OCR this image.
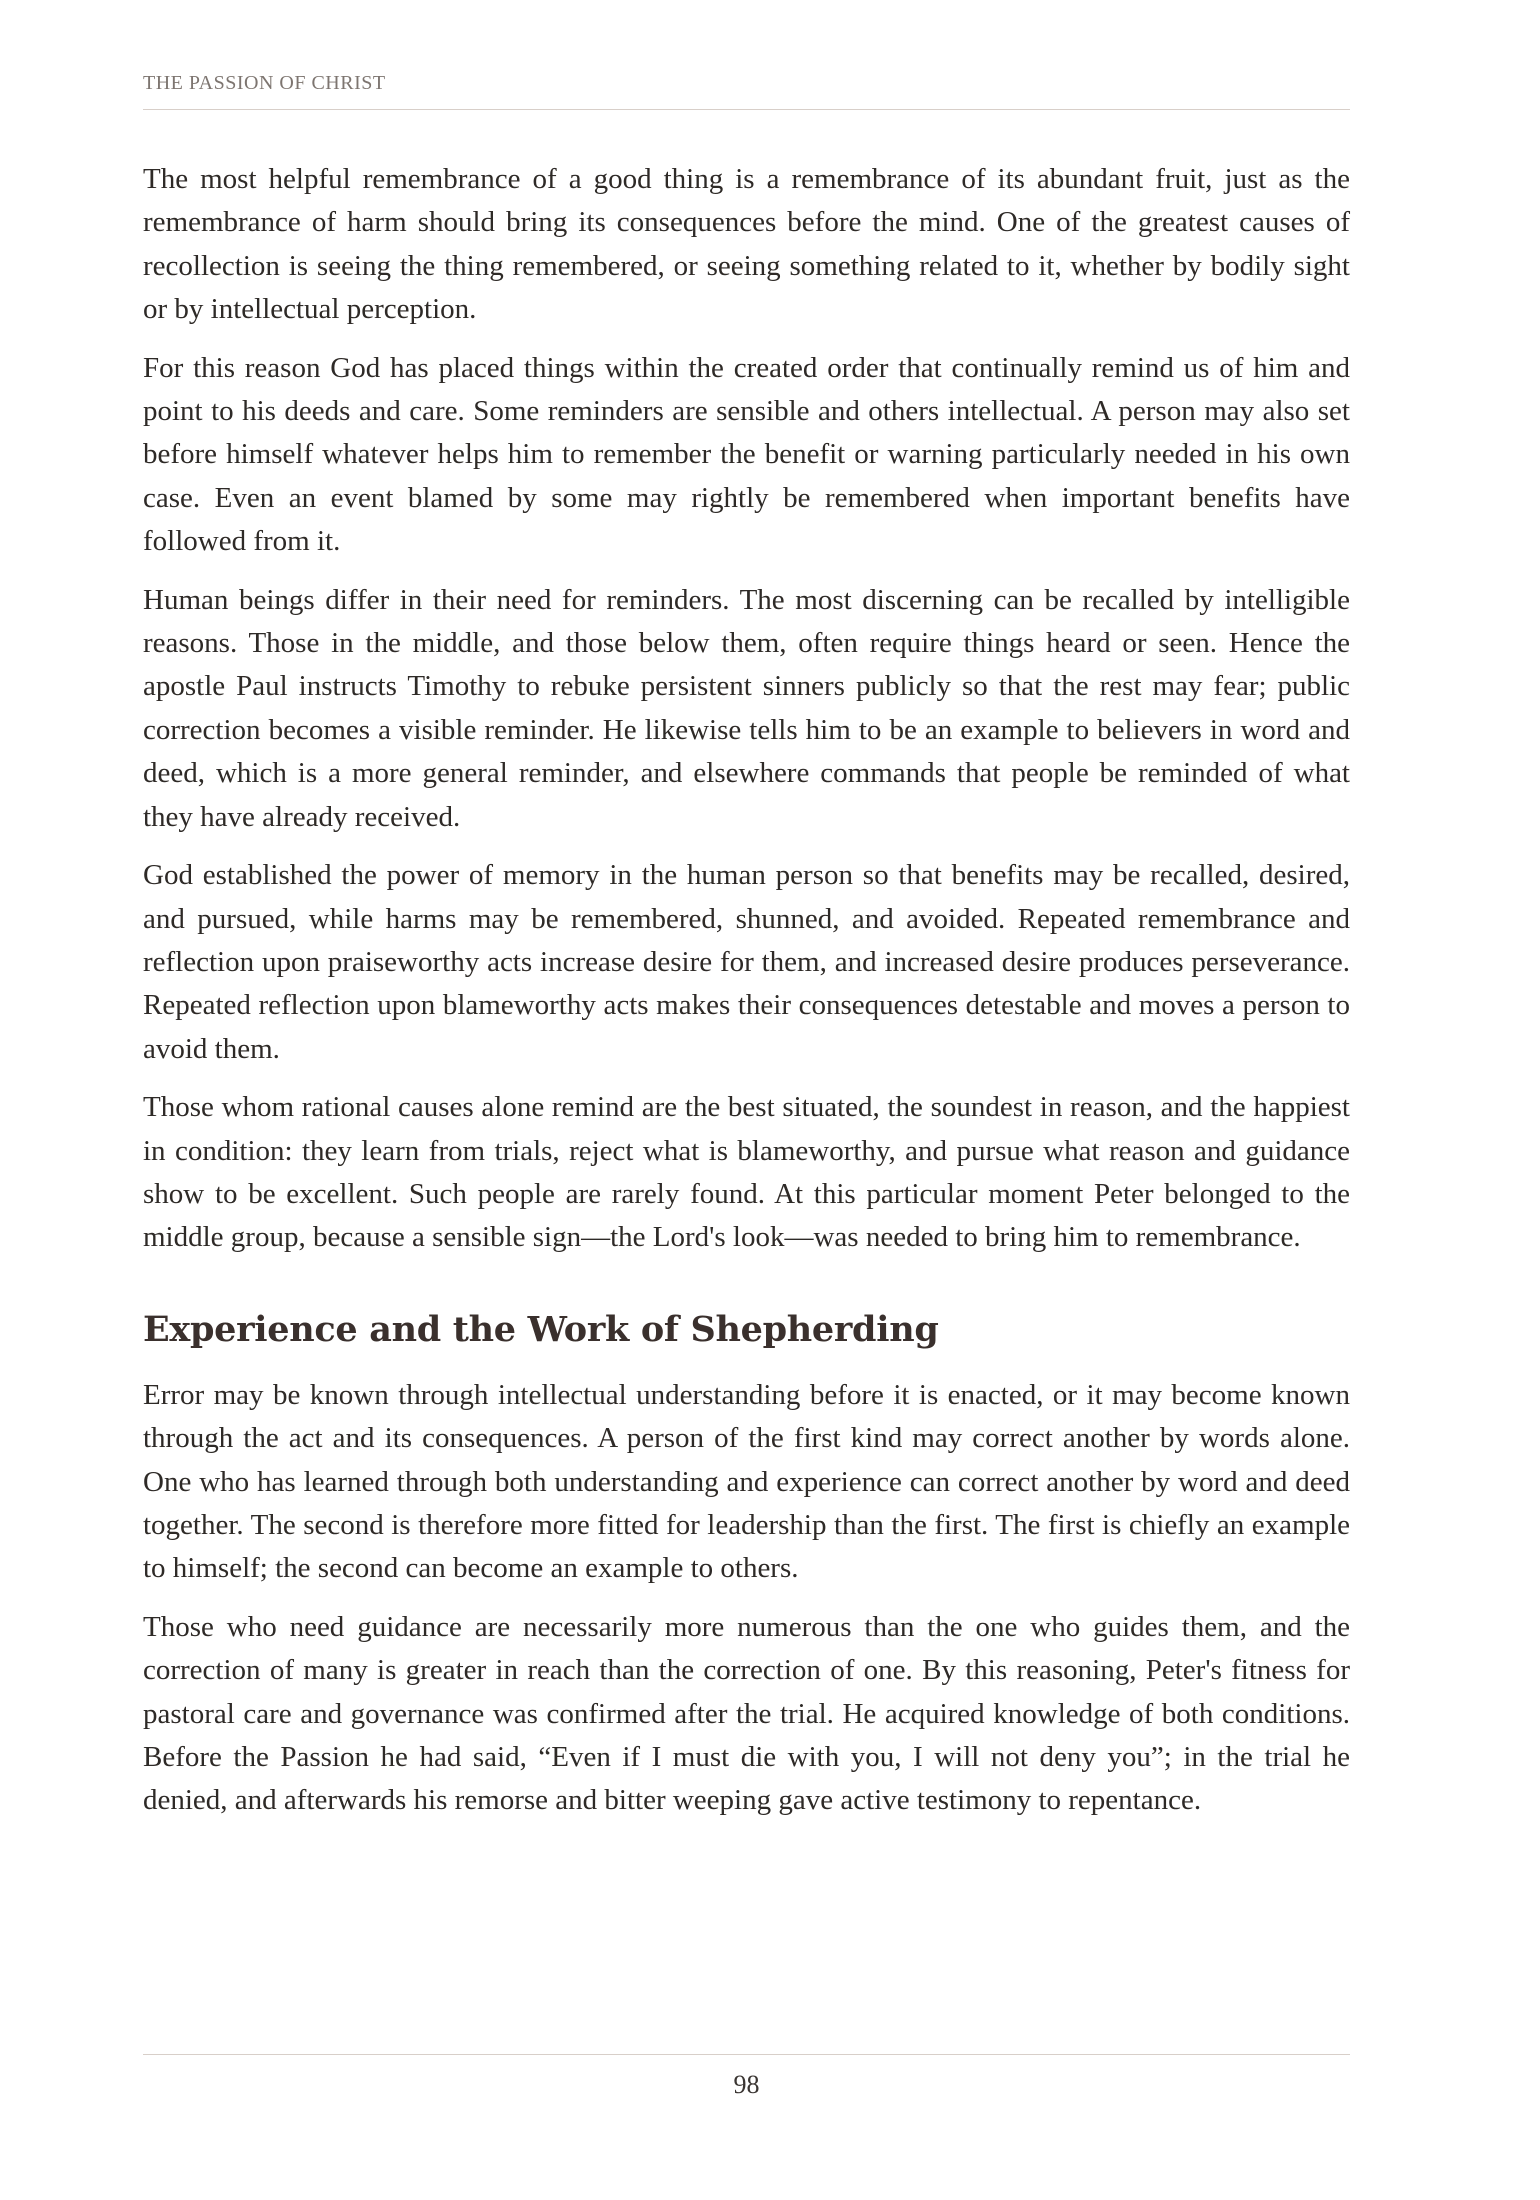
THE PASSION OF CHRIST

The most helpful remembrance of a good thing is a remembrance of its abundant fruit, just as the remembrance of harm should bring its consequences before the mind. One of the greatest causes of recollection is seeing the thing remembered, or seeing something related to it, whether by bodily sight or by intellectual perception.

For this reason God has placed things within the created order that continually remind us of him and point to his deeds and care. Some reminders are sensible and others intellectual. A person may also set before himself whatever helps him to remember the benefit or warning particularly needed in his own case. Even an event blamed by some may rightly be remembered when important benefits have followed from it.

Human beings differ in their need for reminders. The most discerning can be recalled by intelligible reasons. Those in the middle, and those below them, often require things heard or seen. Hence the apostle Paul instructs Timothy to rebuke persistent sinners publicly so that the rest may fear; public correction becomes a visible reminder. He likewise tells him to be an example to believers in word and deed, which is a more general reminder, and elsewhere commands that people be reminded of what they have already received.

God established the power of memory in the human person so that benefits may be recalled, desired, and pursued, while harms may be remembered, shunned, and avoided. Repeated remembrance and reflection upon praiseworthy acts increase desire for them, and increased desire produces perseverance. Repeated reflection upon blameworthy acts makes their consequences detestable and moves a person to avoid them.

Those whom rational causes alone remind are the best situated, the soundest in reason, and the happiest in condition: they learn from trials, reject what is blameworthy, and pursue what reason and guidance show to be excellent. Such people are rarely found. At this particular moment Peter belonged to the middle group, because a sensible sign—the Lord's look—was needed to bring him to remembrance.

Experience and the Work of Shepherding

Error may be known through intellectual understanding before it is enacted, or it may become known through the act and its consequences. A person of the first kind may correct another by words alone. One who has learned through both understanding and experience can correct another by word and deed together. The second is therefore more fitted for leadership than the first. The first is chiefly an example to himself; the second can become an example to others.

Those who need guidance are necessarily more numerous than the one who guides them, and the correction of many is greater in reach than the correction of one. By this reasoning, Peter's fitness for pastoral care and governance was confirmed after the trial. He acquired knowledge of both conditions. Before the Passion he had said, “Even if I must die with you, I will not deny you”; in the trial he denied, and afterwards his remorse and bitter weeping gave active testimony to repentance.

98
